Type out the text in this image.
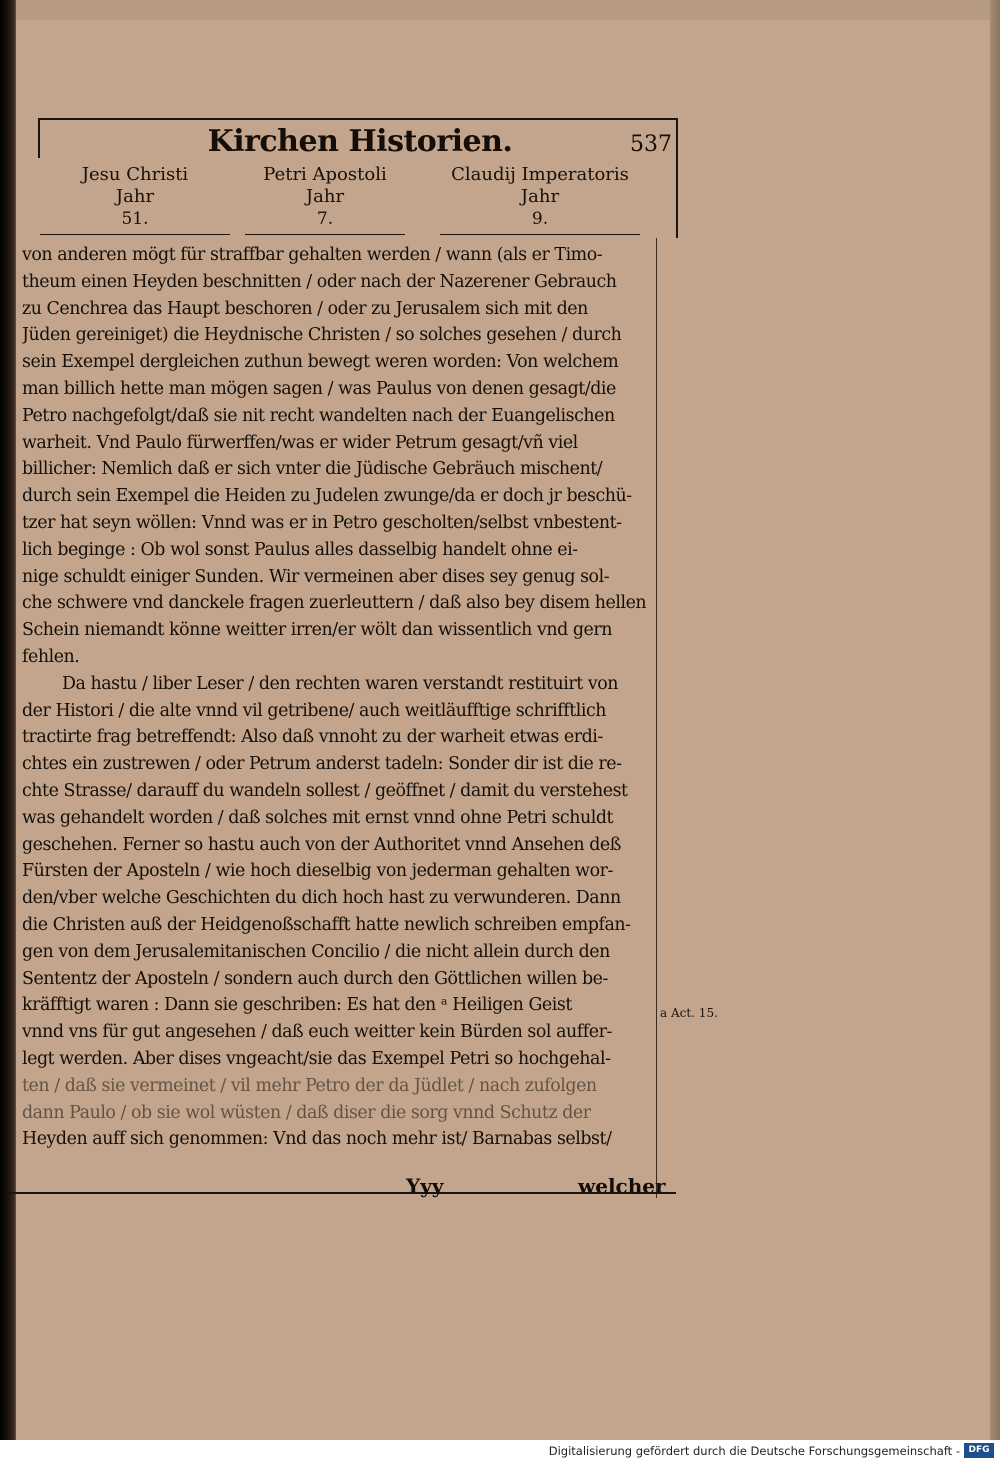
Kirchen Historien.	537
Jesu Christi
Jahr
51.
Petri Apostoli
Jahr
7.
Claudij Imperatoris
Jahr
9.
von anderen mögt für straffbar gehalten werden / wann (als er Timo-
theum einen Heyden beschnitten / oder nach der Nazerener Gebrauch
zu Cenchrea das Haupt beschoren / oder zu Jerusalem sich mit den
Jüden gereiniget) die Heydnische Christen / so solches gesehen / durch
sein Exempel dergleichen zuthun bewegt weren worden: Von welchem
man billich hette man mögen sagen / was Paulus von denen gesagt/die
Petro nachgefolgt/daß sie nit recht wandelten nach der Euangelischen
warheit. Vnd Paulo fürwerffen/was er wider Petrum gesagt/vñ viel
billicher: Nemlich daß er sich vnter die Jüdische Gebräuch mischent/
durch sein Exempel die Heiden zu Judelen zwunge/da er doch jr beschü-
tzer hat seyn wöllen: Vnnd was er in Petro gescholten/selbst vnbestent-
lich beginge : Ob wol sonst Paulus alles dasselbig handelt ohne ei-
nige schuldt einiger Sunden. Wir vermeinen aber dises sey genug sol-
che schwere vnd danckele fragen zuerleuttern / daß also bey disem hellen
Schein niemandt könne weitter irren/er wölt dan wissentlich vnd gern
fehlen.
Da hastu / liber Leser / den rechten waren verstandt restituirt von
der Histori / die alte vnnd vil getribene/ auch weitläufftige schrifftlich
tractirte frag betreffendt: Also daß vnnoht zu der warheit etwas erdi-
chtes ein zustrewen / oder Petrum anderst tadeln: Sonder dir ist die re-
chte Strasse/ darauff du wandeln sollest / geöffnet / damit du verstehest
was gehandelt worden / daß solches mit ernst vnnd ohne Petri schuldt
geschehen. Ferner so hastu auch von der Authoritet vnnd Ansehen deß
Fürsten der Aposteln / wie hoch dieselbig von jederman gehalten wor-
den/vber welche Geschichten du dich hoch hast zu verwunderen. Dann
die Christen auß der Heidgenoßschafft hatte newlich schreiben empfan-
gen von dem Jerusalemitanischen Concilio / die nicht allein durch den
Sententz der Aposteln / sondern auch durch den Göttlichen willen be-
kräfftigt waren : Dann sie geschriben: Es hat den ᵃ Heiligen Geist
vnnd vns für gut angesehen / daß euch weitter kein Bürden sol auffer-
legt werden. Aber dises vngeacht/sie das Exempel Petri so hochgehal-
ten / daß sie vermeinet / vil mehr Petro der da Jüdlet / nach zufolgen
dann Paulo / ob sie wol wüsten / daß diser die sorg vnnd Schutz der
Heyden auff sich genommen: Vnd das noch mehr ist/ Barnabas selbst/
a Act. 15.
Yyy	welcher
Digitalisierung gefördert durch die Deutsche Forschungsgemeinschaft - DFG
